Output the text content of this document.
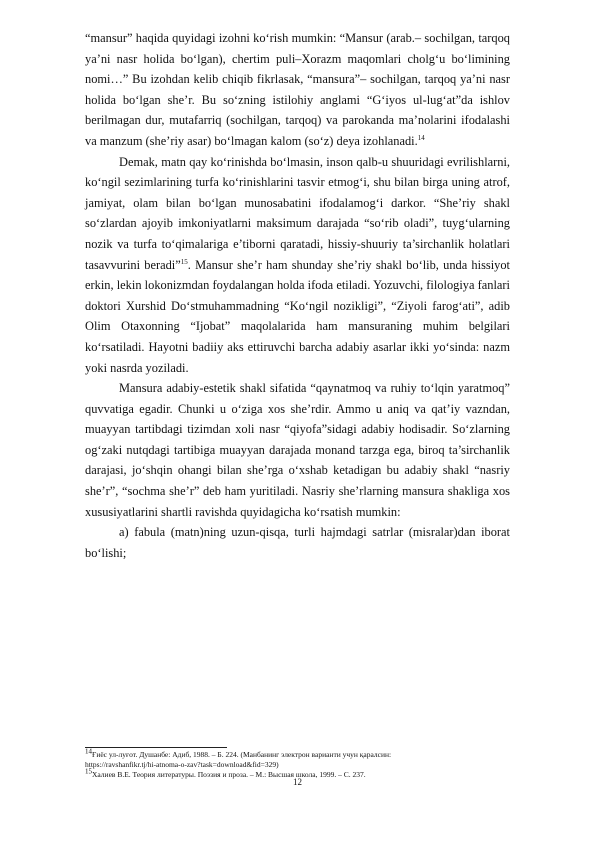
“mansur” haqida quyidagi izohni ko‘rish mumkin: “Mansur (arab.– sochilgan, tarqoq ya’ni nasr holida bo‘lgan), chertim puli–Xorazm maqomlari cholg‘u bo‘limining nomi…” Bu izohdan kelib chiqib fikrlasak, “mansura”– sochilgan, tarqoq ya’ni nasr holida bo‘lgan she’r. Bu so‘zning istilohiy anglami “G‘iyos ul-lug‘at”da ishlov berilmagan dur, mutafarriq (sochilgan, tarqoq) va parokanda ma’nolarini ifodalashi va manzum (she’riy asar) bo‘lmagan kalom (so‘z) deya izohlanadi.$^{14}$

Demak, matn qay ko‘rinishda bo‘lmasin, inson qalb-u shuuridagi evrilishlarni, ko‘ngil sezimlarining turfa ko‘rinishlarini tasvir etmog‘i, shu bilan birga uning atrof, jamiyat, olam bilan bo‘lgan munosabatini ifodalamog‘i darkor. “She’riy shakl so‘zlardan ajoyib imkoniyatlarni maksimum darajada “so‘rib oladi”, tuyg‘ularning nozik va turfa to‘qimalariga e’tiborni qaratadi, hissiy-shuuriy ta’sirchanlik holatlari tasavvurini beradi”$^{15}$. Mansur she’r ham shunday she’riy shakl bo‘lib, unda hissiyot erkin, lekin lokonizmdan foydalangan holda ifoda etiladi. Yozuvchi, filologiya fanlari doktori Xurshid Do‘stmuhammadning “Ko‘ngil nozikligi”, “Ziyoli farog‘ati”, adib Olim Otaxonning “Ijobat” maqolalarida ham mansuraning muhim belgilari ko‘rsatiladi. Hayotni badiiy aks ettiruvchi barcha adabiy asarlar ikki yo‘sinda: nazm yoki nasrda yoziladi.

Mansura adabiy-estetik shakl sifatida “qaynatmoq va ruhiy to‘lqin yaratmoq” quvvatiga egadir. Chunki u o‘ziga xos she’rdir. Ammo u aniq va qat’iy vazndan, muayyan tartibdagi tizimdan xoli nasr “qiyofa”sidagi adabiy hodisadir. So‘zlarning og‘zaki nutqdagi tartibiga muayyan darajada monand tarzga ega, biroq ta’sirchanlik darajasi, jo‘shqin ohangi bilan she’rga o‘xshab ketadigan bu adabiy shakl “nasriy she’r”, “sochma she’r” deb ham yuritiladi. Nasriy she’rlarning mansura shakliga xos xususiyatlarini shartli ravishda quyidagicha ko‘rsatish mumkin:

a) fabula (matn)ning uzun-qisqa, turli hajmdagi satrlar (misralar)dan iborat bo‘lishi;

$^{14}$Ғиёс ул-луғот. Душанбе: Адиб, 1988. – Б. 224. (Манбанинг электрон варианти учун қаралсин:
https://ravshanfikr.tj/hi-atnoma-o-zav?task=download&fid=329)
$^{15}$Халиев В.Е. Теория литературы. Поэзия и проза. – М.: Высшая школа, 1999. – С. 237.
12
